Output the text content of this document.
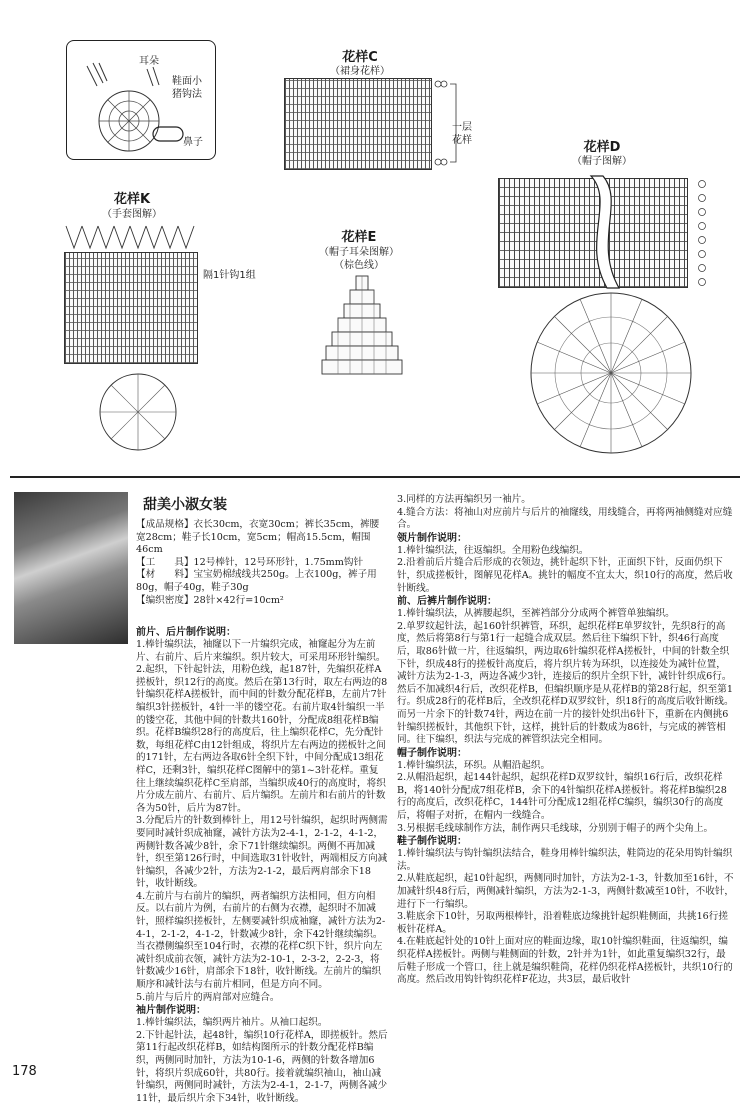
耳朵
鞋面小
猪钩法
鼻子
花样C
（裙身花样）
一层
花样	花样D
（帽子图解）
花样K
（手套图解）
隔1针钩1组
花样E
（帽子耳朵图解）
（棕色线）
甜美小淑女装

【成品规格】衣长30cm，衣宽30cm；裤长35cm，裤腰宽28cm；鞋子长10cm，宽5cm；帽高15.5cm，帽围46cm

【工　　具】12号棒针，12号环形针，1.75mm钩针

【材　　料】宝宝奶棉绒线共250g。上衣100g，裤子用80g，帽子40g，鞋子30g

【编织密度】28针×42行=10cm²

前片、后片制作说明：

1.棒针编织法，袖窿以下一片编织完成，袖窿起分为左前片、右前片、后片来编织。织片较大，可采用环形针编织。

2.起织，下针起针法，用粉色线，起187针，先编织花样A搓板针，织12行的高度。然后在第13行时，取左右两边的8针编织花样A搓板针，而中间的针数分配花样B，左前片7针编织3针搓板针，4针一半的镂空花。右前片取4针编织一半的镂空花，其他中间的针数共160针，分配成8组花样B编织。花样B编织28行的高度后，往上编织花样C，先分配针数，每组花样C由12针组成，将织片左右两边的搓板针之间的171针，左右两边各取6针全织下针，中间分配成13组花样C，还剩3针，编织花样C图解中的第1~3针花样。重复往上继续编织花样C至肩部，当编织成40行的高度时，将织片分成左前片、右前片、后片编织。左前片和右前片的针数各为50针，后片为87针。

3.分配后片的针数到棒针上，用12号针编织，起织时两侧需要同时减针织成袖窿，减针方法为2-4-1，2-1-2，4-1-2，两侧针数各减少8针，余下71针继续编织。两侧不再加减针，织至第126行时，中间选取31针收针，两端相反方向减针编织，各减少2针，方法为2-1-2，最后两肩部余下18针，收针断线。

4.左前片与右前片的编织，两者编织方法相同，但方向相反。以右前片为例，右前片的右侧为衣襟，起织时不加减针，照样编织搓板针，左侧要减针织成袖窿，减针方法为2-4-1，2-1-2，4-1-2，针数减少8针，余下42针继续编织。当衣襟侧编织至104行时，衣襟的花样C织下针，织片向左减针织成前衣领，减针方法为2-10-1，2-3-2，2-2-3，将针数减少16针，肩部余下18针，收针断线。左前片的编织顺序和减针法与右前片相同，但是方向不同。

5.前片与后片的两肩部对应缝合。

袖片制作说明：

1.棒针编织法，编织两片袖片。从袖口起织。

2.下针起针法，起48针，编织10行花样A，即搓板针。然后第11行起改织花样B，如结构图所示的针数分配花样B编织，两侧同时加针，方法为10-1-6，两侧的针数各增加6针，将织片织成60针，共80行。接着就编织袖山，袖山减针编织，两侧同时减针，方法为2-4-1，2-1-7，两侧各减少11针，最后织片余下34针，收针断线。

3.同样的方法再编织另一袖片。

4.缝合方法：将袖山对应前片与后片的袖窿线，用线缝合，再将两袖侧缝对应缝合。

领片制作说明：

1.棒针编织法，往返编织。全用粉色线编织。

2.沿着前后片缝合后形成的衣领边，挑针起织下针，正面织下针，反面仍织下针，织成搓板针，图解见花样A。挑针的幅度不宜太大，织10行的高度，然后收针断线。

前、后裤片制作说明：

1.棒针编织法，从裤腰起织，至裤裆部分分成两个裤管单独编织。

2.单罗纹起针法，起160针织裤管，环织，起织花样E单罗纹针，先织8行的高度，然后将第8行与第1行一起缝合成双层。然后往下编织下针，织46行高度后，取86针做一片，往返编织，两边取6针编织花样A搓板针，中间的针数全织下针，织成48行的搓板针高度后，将片织片转为环织，以连接处为减针位置，减针方法为2-1-3，两边各减少3针，连接后的织片全织下针，减针针织成6行。然后不加减织4行后，改织花样B，但编织顺序是从花样B的第28行起，织至第1行。织成28行的花样B后，全改织花样D双罗纹针，织18行的高度后收针断线。而另一片余下的针数74针，两边在前一片的接针处织出6针下，重新在内侧挑6针编织搓板针，其他织下针，这样，挑针后的针数成为86针，与完成的裤管相同。往下编织，织法与完成的裤管织法完全相同。

帽子制作说明：

1.棒针编织法，环织。从帽沿起织。

2.从帽沿起织，起144针起织，起织花样D双罗纹针，编织16行后，改织花样B，将140针分配成7组花样B，余下的4针编织花样A搓板针。将花样B编织28行的高度后，改织花样C，144针可分配成12组花样C编织，编织30行的高度后，将帽子对折，在帽内一线缝合。

3.另根据毛线球制作方法，制作两只毛线球，分别别于帽子的两个尖角上。

鞋子制作说明：

1.棒针编织法与钩针编织法结合，鞋身用棒针编织法，鞋筒边的花朵用钩针编织法。

2.从鞋底起织，起10针起织，两侧同时加针，方法为2-1-3，针数加至16针，不加减针织48行后，两侧减针编织，方法为2-1-3，两侧针数减至10针，不收针，进行下一行编织。

3.鞋底余下10针，另取两根棒针，沿着鞋底边缘挑针起织鞋侧面，共挑16行搓板针花样A。

4.在鞋底起针处的10针上面对应的鞋面边缘，取10针编织鞋面，往返编织，编织花样A搓板针。两侧与鞋侧面的针数，2针并为1针，如此重复编织32行，最后鞋子形成一个管口，往上就是编织鞋筒，花样仍织花样A搓板针，共织10行的高度。然后改用钩针钩织花样F花边，共3层，最后收针

178
